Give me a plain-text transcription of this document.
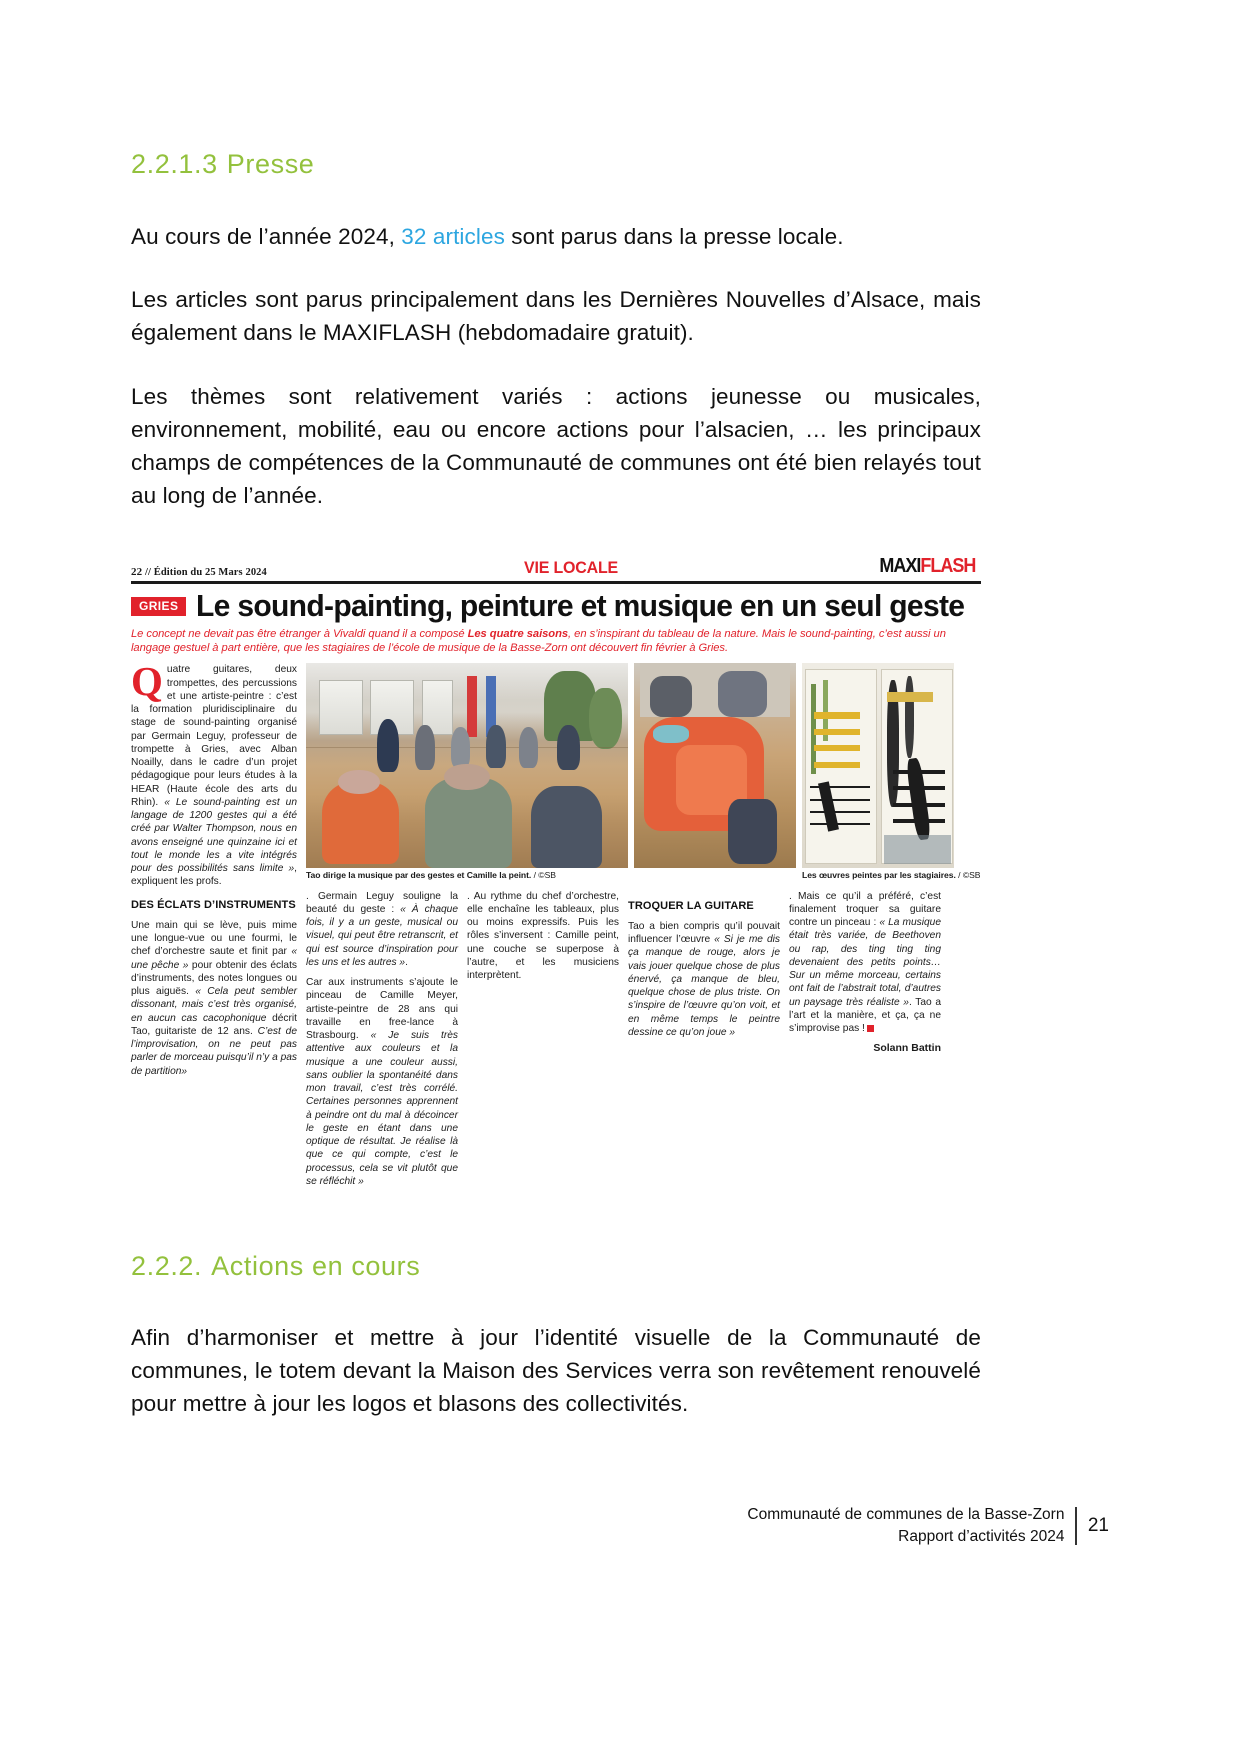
2.2.1.3 Presse

Au cours de l’année 2024, 32 articles sont parus dans la presse locale.

Les articles sont parus principalement dans les Dernières Nouvelles d’Alsace, mais également dans le MAXIFLASH (hebdomadaire gratuit).

Les thèmes sont relativement variés : actions jeunesse ou musicales, environnement, mobilité, eau ou encore actions pour l’alsacien, … les principaux champs de compétences de la Communauté de communes ont été bien relayés tout au long de l’année.

22 // Édition du 25 Mars 2024	VIE LOCALE	MAXIFLASH
GRIES Le sound-painting, peinture et musique en un seul geste
Le concept ne devait pas être étranger à Vivaldi quand il a composé Les quatre saisons, en s’inspirant du tableau de la nature. Mais le sound-painting, c’est aussi un langage gestuel à part entière, que les stagiaires de l’école de musique de la Basse-Zorn ont découvert fin février à Gries.

Quatre guitares, deux trompettes, des percussions et une artiste-peintre : c’est la formation pluridisciplinaire du stage de sound-painting organisé par Germain Leguy, professeur de trompette à Gries, avec Alban Noailly, dans le cadre d’un projet pédagogique pour leurs études à la HEAR (Haute école des arts du Rhin). « Le sound-painting est un langage de 1200 gestes qui a été créé par Walter Thompson, nous en avons enseigné une quinzaine ici et tout le monde les a vite intégrés pour des possibilités sans limite », expliquent les profs.

DES ÉCLATS D’INSTRUMENTS

Une main qui se lève, puis mime une longue-vue ou une fourmi, le chef d’orchestre saute et finit par « une pêche » pour obtenir des éclats d’instruments, des notes longues ou plus aiguës. « Cela peut sembler dissonant, mais c’est très organisé, en aucun cas cacophonique décrit Tao, guitariste de 12 ans. C’est de l’improvisation, on ne peut pas parler de morceau puisqu’il n’y a pas de partition»

Tao dirige la musique par des gestes et Camille la peint. / ©SB	Les œuvres peintes par les stagiaires. / ©SB

. Germain Leguy souligne la beauté du geste : « À chaque fois, il y a un geste, musical ou visuel, qui peut être retranscrit, et qui est source d’inspiration pour les uns et les autres ».

Car aux instruments s’ajoute le pinceau de Camille Meyer, artiste-peintre de 28 ans qui travaille en free-lance à Strasbourg. « Je suis très attentive aux couleurs et la musique a une couleur aussi, sans oublier la spontanéité dans mon travail, c’est très corrélé. Certaines personnes apprennent à peindre ont du mal à décoincer le geste en étant dans une optique de résultat. Je réalise là que ce qui compte, c’est le processus, cela se vit plutôt que se réfléchit »

. Au rythme du chef d’orchestre, elle enchaîne les tableaux, plus ou moins expressifs. Puis les rôles s’inversent : Camille peint, une couche se superpose à l’autre, et les musiciens interprètent.

TROQUER LA GUITARE

Tao a bien compris qu’il pouvait influencer l’œuvre « Si je me dis ça manque de rouge, alors je vais jouer quelque chose de plus énervé, ça manque de bleu, quelque chose de plus triste. On s’inspire de l’œuvre qu’on voit, et en même temps le peintre dessine ce qu’on joue »

. Mais ce qu’il a préféré, c’est finalement troquer sa guitare contre un pinceau : « La musique était très variée, de Beethoven ou rap, des ting ting ting devenaient des petits points… Sur un même morceau, certains ont fait de l’abstrait total, d’autres un paysage très réaliste ». Tao a l’art et la manière, et ça, ça ne s’improvise pas !

Solann Battin
2.2.2. Actions en cours

Afin d’harmoniser et mettre à jour l’identité visuelle de la Communauté de communes, le totem devant la Maison des Services verra son revêtement renouvelé pour mettre à jour les logos et blasons des collectivités.

Communauté de communes de la Basse-Zorn
Rapport d’activités 2024
21
